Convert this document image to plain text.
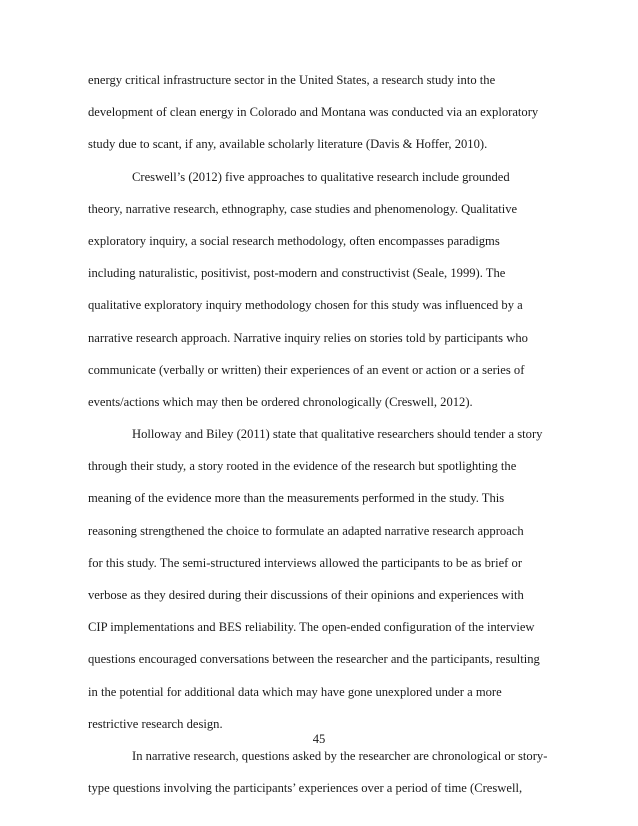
energy critical infrastructure sector in the United States, a research study into the
development of clean energy in Colorado and Montana was conducted via an exploratory
study due to scant, if any, available scholarly literature (Davis & Hoffer, 2010).
Creswell’s (2012) five approaches to qualitative research include grounded
theory, narrative research, ethnography, case studies and phenomenology. Qualitative
exploratory inquiry, a social research methodology, often encompasses paradigms
including naturalistic, positivist, post-modern and constructivist (Seale, 1999). The
qualitative exploratory inquiry methodology chosen for this study was influenced by a
narrative research approach. Narrative inquiry relies on stories told by participants who
communicate (verbally or written) their experiences of an event or action or a series of
events/actions which may then be ordered chronologically (Creswell, 2012).
Holloway and Biley (2011) state that qualitative researchers should tender a story
through their study, a story rooted in the evidence of the research but spotlighting the
meaning of the evidence more than the measurements performed in the study. This
reasoning strengthened the choice to formulate an adapted narrative research approach
for this study. The semi-structured interviews allowed the participants to be as brief or
verbose as they desired during their discussions of their opinions and experiences with
CIP implementations and BES reliability. The open-ended configuration of the interview
questions encouraged conversations between the researcher and the participants, resulting
in the potential for additional data which may have gone unexplored under a more
restrictive research design.
In narrative research, questions asked by the researcher are chronological or story-
type questions involving the participants’ experiences over a period of time (Creswell,
45
